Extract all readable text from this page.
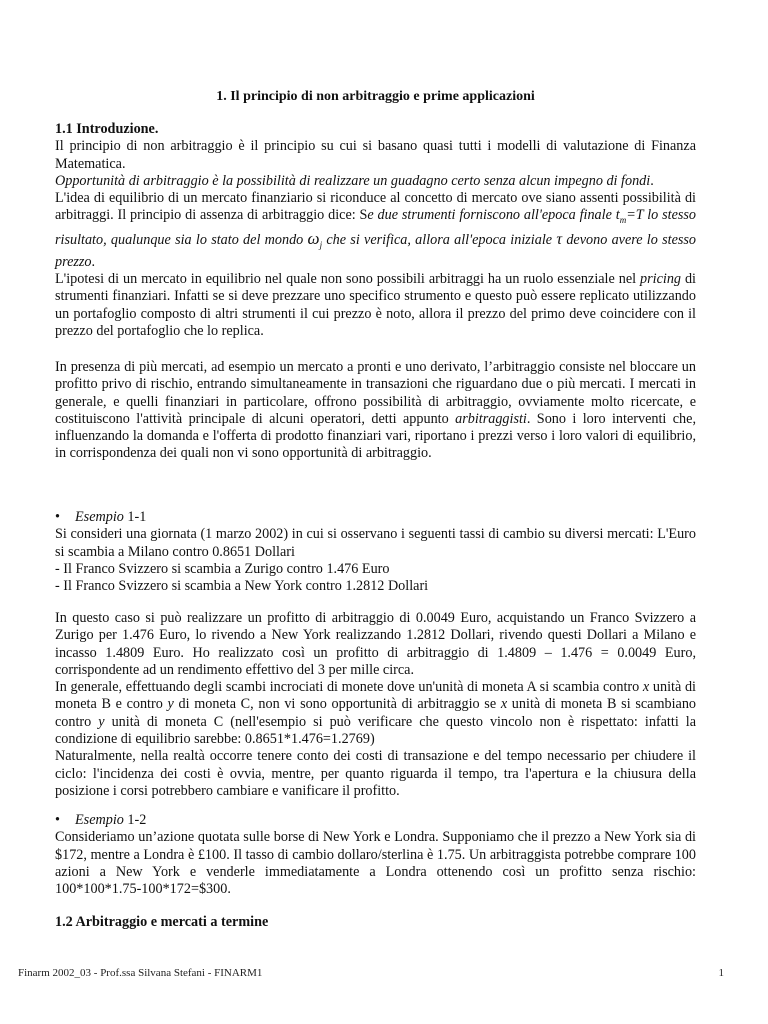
1. Il principio di non arbitraggio e prime applicazioni

1.1 Introduzione.

Il principio di non arbitraggio è il principio su cui si basano quasi tutti i modelli di valutazione di Finanza Matematica.

Opportunità di arbitraggio è la possibilità di realizzare un guadagno certo senza alcun impegno di fondi.

L'idea di equilibrio di un mercato finanziario si riconduce al concetto di mercato ove siano assenti possibilità di arbitraggi. Il principio di assenza di arbitraggio dice: Se due strumenti forniscono all'epoca finale $t_m=T$ lo stesso risultato, qualunque sia lo stato del mondo $\omega_j$ che si verifica, allora all'epoca iniziale τ devono avere lo stesso prezzo.

L'ipotesi di un mercato in equilibrio nel quale non sono possibili arbitraggi ha un ruolo essenziale nel pricing di strumenti finanziari. Infatti se si deve prezzare uno specifico strumento e questo può essere replicato utilizzando un portafoglio composto di altri strumenti il cui prezzo è noto, allora il prezzo del primo deve coincidere con il prezzo del portafoglio che lo replica.

In presenza di più mercati, ad esempio un mercato a pronti e uno derivato, l’arbitraggio consiste nel bloccare un profitto privo di rischio, entrando simultaneamente in transazioni che riguardano due o più mercati. I mercati in generale, e quelli finanziari in particolare, offrono possibilità di arbitraggio, ovviamente molto ricercate, e costituiscono l'attività principale di alcuni operatori, detti appunto arbitraggisti. Sono i loro interventi che, influenzando la domanda e l'offerta di prodotto finanziari vari, riportano i prezzi verso i loro valori di equilibrio, in corrispondenza dei quali non vi sono opportunità di arbitraggio.

• Esempio 1-1

Si consideri una giornata (1 marzo 2002) in cui si osservano i seguenti tassi di cambio su diversi mercati: L'Euro si scambia a Milano contro 0.8651 Dollari

- Il Franco Svizzero si scambia a Zurigo contro 1.476 Euro

- Il Franco Svizzero si scambia a New York contro 1.2812 Dollari

In questo caso si può realizzare un profitto di arbitraggio di 0.0049 Euro, acquistando un Franco Svizzero a Zurigo per 1.476 Euro, lo rivendo a New York realizzando 1.2812 Dollari, rivendo questi Dollari a Milano e incasso 1.4809 Euro. Ho realizzato così un profitto di arbitraggio di 1.4809 – 1.476 = 0.0049 Euro, corrispondente ad un rendimento effettivo del 3 per mille circa.

In generale, effettuando degli scambi incrociati di monete dove un'unità di moneta A si scambia contro x unità di moneta B e contro y di moneta C, non vi sono opportunità di arbitraggio se x unità di moneta B si scambiano contro y unità di moneta C (nell'esempio si può verificare che questo vincolo non è rispettato: infatti la condizione di equilibrio sarebbe: 0.8651*1.476=1.2769)

Naturalmente, nella realtà occorre tenere conto dei costi di transazione e del tempo necessario per chiudere il ciclo: l'incidenza dei costi è ovvia, mentre, per quanto riguarda il tempo, tra l'apertura e la chiusura della posizione i corsi potrebbero cambiare e vanificare il profitto.

• Esempio 1-2

Consideriamo un’azione quotata sulle borse di New York e Londra. Supponiamo che il prezzo a New York sia di $172, mentre a Londra è £100. Il tasso di cambio dollaro/sterlina è 1.75. Un arbitraggista potrebbe comprare 100 azioni a New York e venderle immediatamente a Londra ottenendo così un profitto senza rischio: 100*100*1.75-100*172=$300.

1.2 Arbitraggio e mercati a termine
Finarm 2002_03 - Prof.ssa Silvana Stefani - FINARM1	1
